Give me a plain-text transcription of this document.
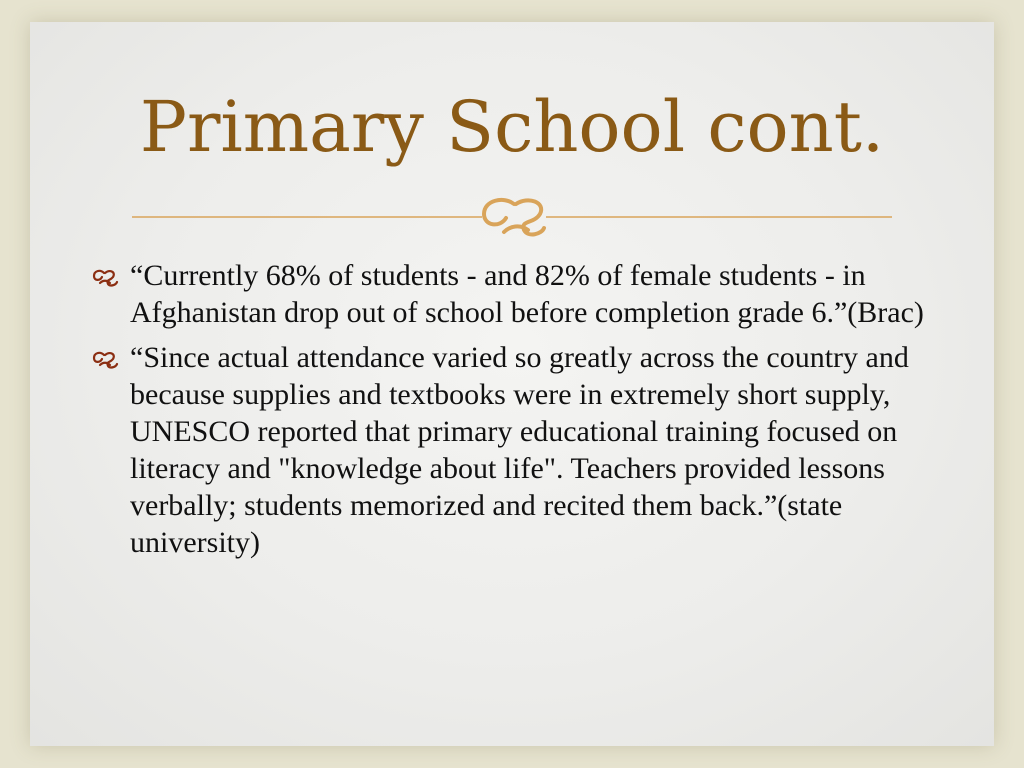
Primary School cont.
“Currently 68% of students - and 82% of female students - in Afghanistan drop out of school before completion grade 6.”(Brac)
“Since actual attendance varied so greatly across the country and because supplies and textbooks were in extremely short supply, UNESCO reported that primary educational training focused on literacy and "knowledge about life". Teachers provided lessons verbally; students memorized and recited them back.”(state university)
